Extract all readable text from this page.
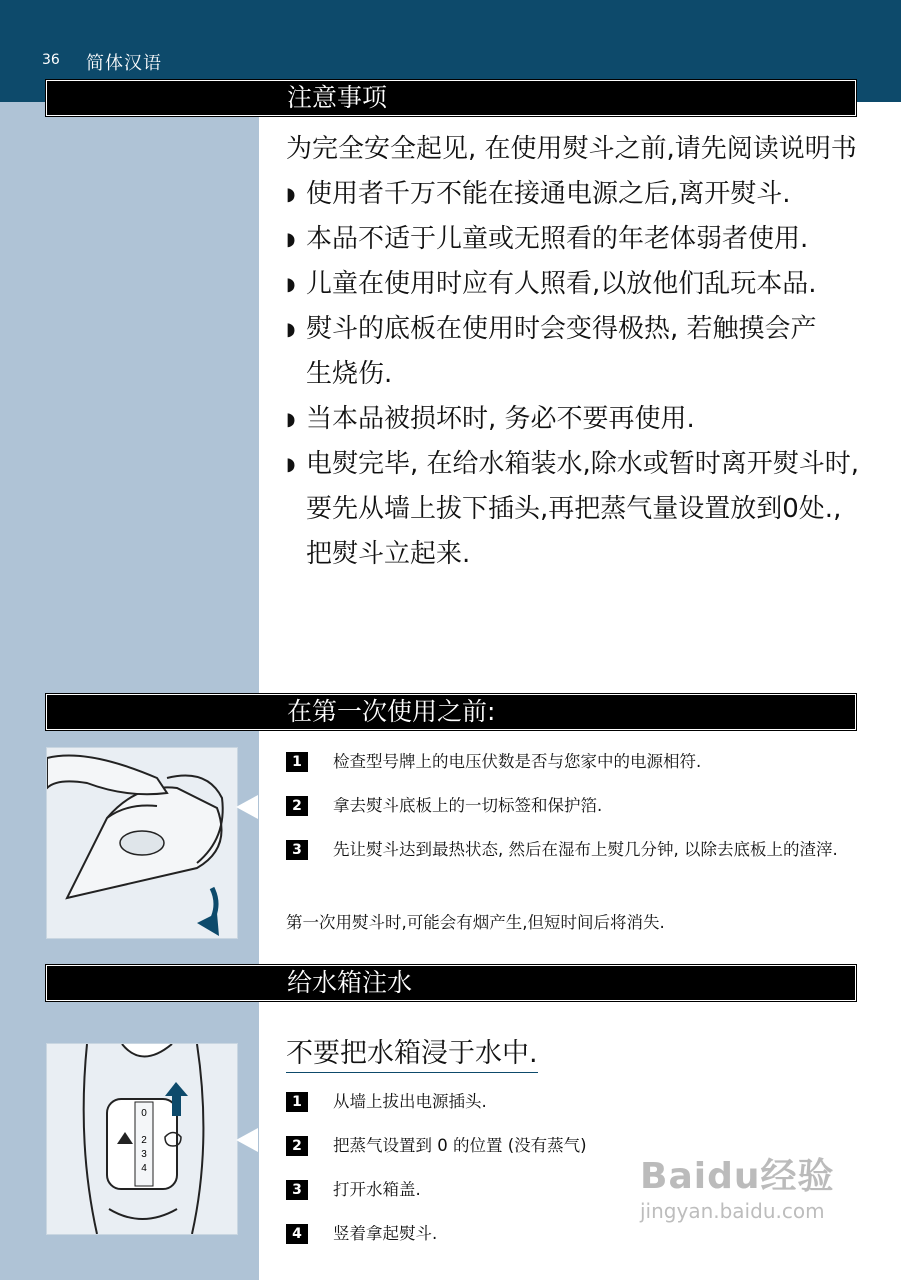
36 简体汉语
注意事项
为完全安全起见, 在使用熨斗之前,请先阅读说明书
◗ 使用者千万不能在接通电源之后,离开熨斗.
◗ 本品不适于儿童或无照看的年老体弱者使用.
◗ 儿童在使用时应有人照看,以放他们乱玩本品.
◗ 熨斗的底板在使用时会变得极热, 若触摸会产生烧伤.
◗ 当本品被损坏时, 务必不要再使用.
◗ 电熨完毕, 在给水箱装水,除水或暂时离开熨斗时, 要先从墙上拔下插头,再把蒸气量设置放到0处.,把熨斗立起来.
在第一次使用之前:
1	检查型号牌上的电压伏数是否与您家中的电源相符.
2	拿去熨斗底板上的一切标签和保护箔.
3	先让熨斗达到最热状态, 然后在湿布上熨几分钟, 以除去底板上的渣滓.
第一次用熨斗时,可能会有烟产生,但短时间后将消失.
给水箱注水
不要把水箱浸于水中.
0
2
3
4
1	从墙上拔出电源插头.
2	把蒸气设置到 0 的位置 (没有蒸气)
3	打开水箱盖.
4	竖着拿起熨斗.
Baidu经验
jingyan.baidu.com
